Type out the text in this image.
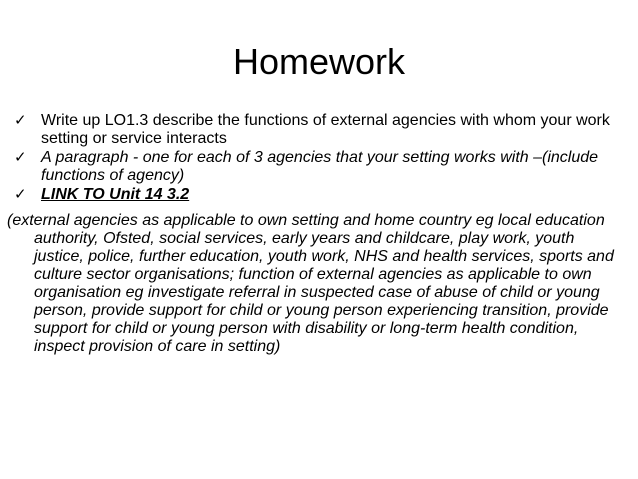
Homework
✓ Write up LO1.3 describe the functions of external agencies with whom your work setting or service interacts
✓ A paragraph - one for each of 3 agencies that your setting works with –(include functions of agency)
✓ LINK TO Unit 14 3.2

(external agencies as applicable to own setting and home country eg local education authority, Ofsted, social services, early years and childcare, play work, youth justice, police, further education, youth work, NHS and health services, sports and culture sector organisations; function of external agencies as applicable to own organisation eg investigate referral in suspected case of abuse of child or young person, provide support for child or young person experiencing transition, provide support for child or young person with disability or long-term health condition, inspect provision of care in setting)
